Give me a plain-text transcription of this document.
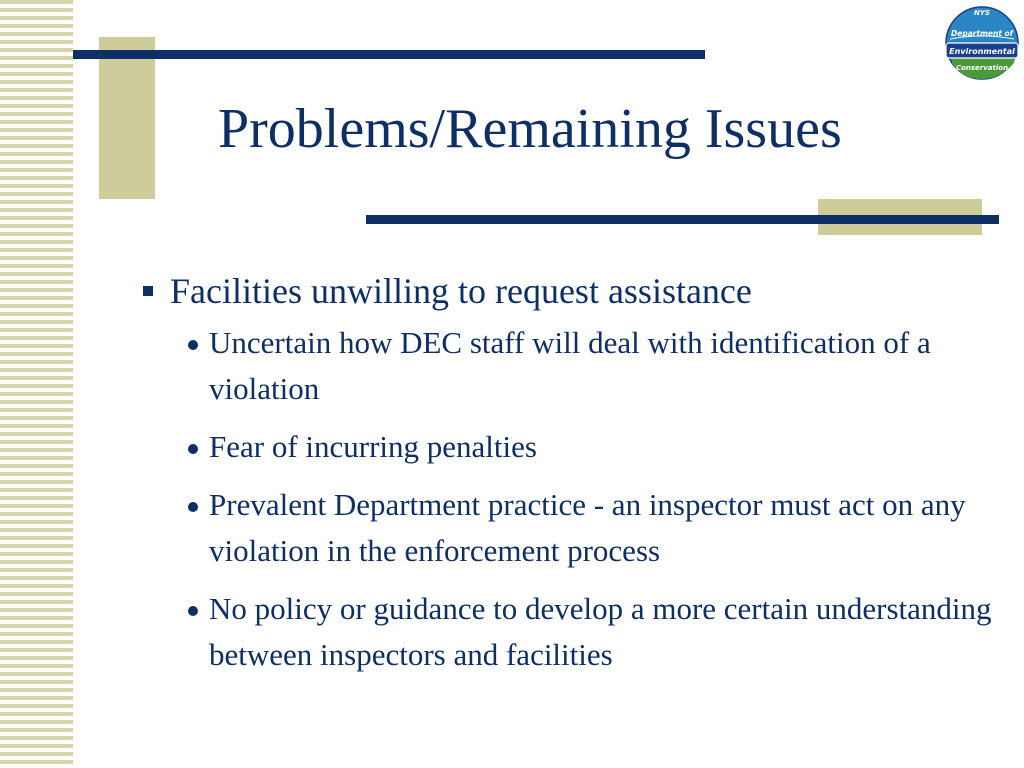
Problems/Remaining Issues
NYS
Department of
Environmental
Conservation
Facilities unwilling to request assistance
Uncertain how DEC staff will deal with identification of a violation
Fear of incurring penalties
Prevalent Department practice - an inspector must act on any violation in the enforcement process
No policy or guidance to develop a more certain understanding between inspectors and facilities
